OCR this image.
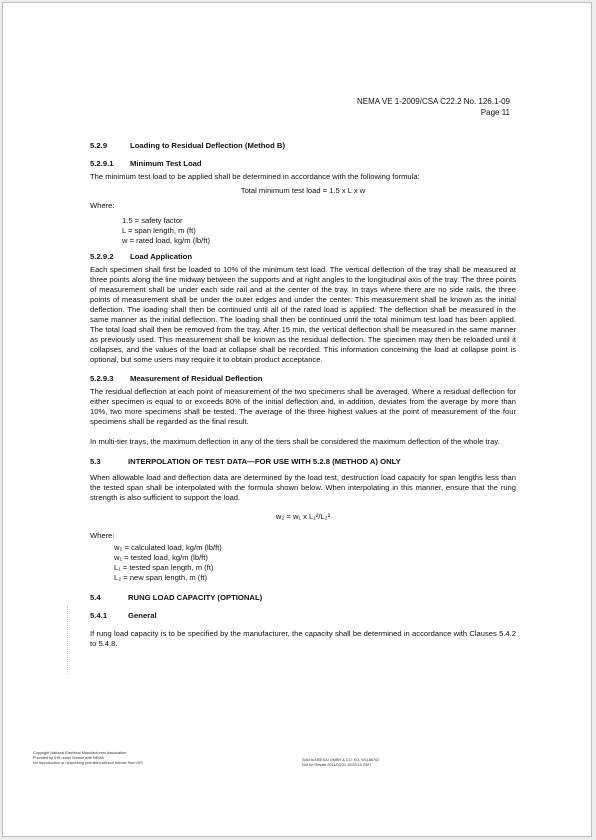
NEMA VE 1-2009/CSA C22.2 No. 126.1-09
Page 11
5.2.9	Loading to Residual Deflection (Method B)
5.2.9.1 Minimum Test Load

The minimum test load to be applied shall be determined in accordance with the following formula:

Total minimum test load = 1.5 x L x w

Where:

1.5 = safety factor

L = span length, m (ft)

w = rated load, kg/m (lb/ft)

5.2.9.2 Load Application

Each specimen shall first be loaded to 10% of the minimum test load. The vertical deflection of the tray shall be measured at three points along the line midway between the supports and at right angles to the longitudinal axis of the tray. The three points of measurement shall be under each side rail and at the center of the tray. In trays where there are no side rails, the three points of measurement shall be under the outer edges and under the center. This measurement shall be known as the initial deflection. The loading shall then be continued until all of the rated load is applied. The deflection shall be measured in the same manner as the initial deflection. The loading shall then be continued until the total minimum test load has been applied. The total load shall then be removed from the tray. After 15 min, the vertical deflection shall be measured in the same manner as previously used. This measurement shall be known as the residual deflection. The specimen may then be reloaded until it collapses, and the values of the load at collapse shall be recorded. This information concerning the load at collapse point is optional, but some users may require it to obtain product acceptance.

5.2.9.3 Measurement of Residual Deflection

The residual deflection at each point of measurement of the two specimens shall be averaged. Where a residual deflection for either specimen is equal to or exceeds 80% of the initial deflection and, in addition, deviates from the average by more than 10%, two more specimens shall be tested. The average of the three highest values at the point of measurement of the four specimens shall be regarded as the final result.

In multi-tier trays, the maximum deflection in any of the tiers shall be considered the maximum deflection of the whole tray.

5.3	INTERPOLATION OF TEST DATA—FOR USE WITH 5.2.8 (METHOD A) ONLY

When allowable load and deflection data are determined by the load test, destruction load capacity for span lengths less than the tested span shall be interpolated with the formula shown below. When interpolating in this manner, ensure that the rung strength is also sufficient to support the load.

w₂ = w₁ x L₁²/L₂²

Where:

w₂ = calculated load, kg/m (lb/ft)

w₁ = tested load, kg/m (lb/ft)

L₁ = tested span length, m (ft)

L₂ = new span length, m (ft)

5.4	RUNG LOAD CAPACITY (OPTIONAL)
5.4.1	General

If rung load capacity is to be specified by the manufacturer, the capacity shall be determined in accordance with Clauses 5.4.2 to 5.4.8.

Copyright National Electrical Manufacturers Association
Provided by IHS under license with NEMA
No reproduction or networking permitted without license from IHS
Sold to:NEESAI GMBH & CO. KG, W1186702
Not for Resale,2011/03/31 16:53:10 GMT
